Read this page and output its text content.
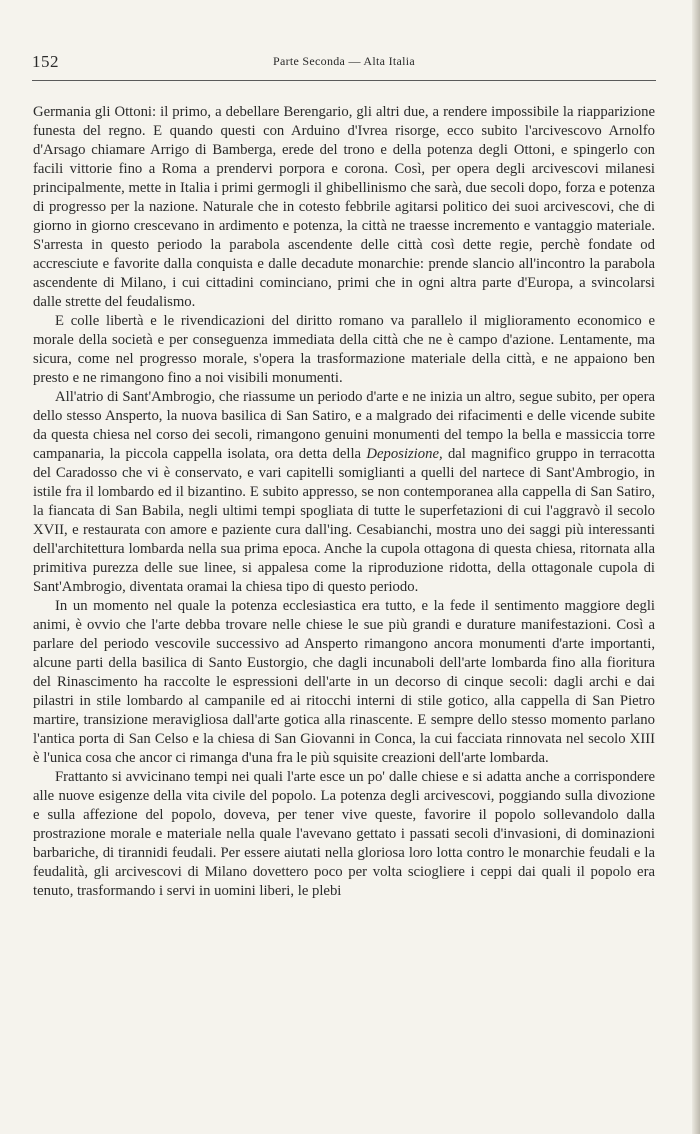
152	Parte Seconda — Alta Italia

Germania gli Ottoni: il primo, a debellare Berengario, gli altri due, a rendere impossibile la riapparizione funesta del regno. E quando questi con Arduino d'Ivrea risorge, ecco subito l'arcivescovo Arnolfo d'Arsago chiamare Arrigo di Bamberga, erede del trono e della potenza degli Ottoni, e spingerlo con facili vittorie fino a Roma a prendervi porpora e corona. Così, per opera degli arcivescovi milanesi principalmente, mette in Italia i primi germogli il ghibellinismo che sarà, due secoli dopo, forza e potenza di progresso per la nazione. Naturale che in cotesto febbrile agitarsi politico dei suoi arcivescovi, che di giorno in giorno crescevano in ardimento e potenza, la città ne traesse incremento e vantaggio materiale. S'arresta in questo periodo la parabola ascendente delle città così dette regie, perchè fondate od accresciute e favorite dalla conquista e dalle decadute monarchie: prende slancio all'incontro la parabola ascendente di Milano, i cui cittadini cominciano, primi che in ogni altra parte d'Europa, a svincolarsi dalle strette del feudalismo.

E colle libertà e le rivendicazioni del diritto romano va parallelo il miglioramento economico e morale della società e per conseguenza immediata della città che ne è campo d'azione. Lentamente, ma sicura, come nel progresso morale, s'opera la trasformazione materiale della città, e ne appaiono ben presto e ne rimangono fino a noi visibili monumenti.

All'atrio di Sant'Ambrogio, che riassume un periodo d'arte e ne inizia un altro, segue subito, per opera dello stesso Ansperto, la nuova basilica di San Satiro, e a malgrado dei rifacimenti e delle vicende subite da questa chiesa nel corso dei secoli, rimangono genuini monumenti del tempo la bella e massiccia torre campanaria, la piccola cappella isolata, ora detta della Deposizione, dal magnifico gruppo in terracotta del Caradosso che vi è conservato, e vari capitelli somiglianti a quelli del nartece di Sant'Ambrogio, in istile fra il lombardo ed il bizantino. E subito appresso, se non contemporanea alla cappella di San Satiro, la fiancata di San Babila, negli ultimi tempi spogliata di tutte le superfetazioni di cui l'aggravò il secolo XVII, e restaurata con amore e paziente cura dall'ing. Cesabianchi, mostra uno dei saggi più interessanti dell'architettura lombarda nella sua prima epoca. Anche la cupola ottagona di questa chiesa, ritornata alla primitiva purezza delle sue linee, si appalesa come la riproduzione ridotta, della ottagonale cupola di Sant'Ambrogio, diventata oramai la chiesa tipo di questo periodo.

In un momento nel quale la potenza ecclesiastica era tutto, e la fede il sentimento maggiore degli animi, è ovvio che l'arte debba trovare nelle chiese le sue più grandi e durature manifestazioni. Così a parlare del periodo vescovile successivo ad Ansperto rimangono ancora monumenti d'arte importanti, alcune parti della basilica di Santo Eustorgio, che dagli incunaboli dell'arte lombarda fino alla fioritura del Rinascimento ha raccolte le espressioni dell'arte in un decorso di cinque secoli: dagli archi e dai pilastri in stile lombardo al campanile ed ai ritocchi interni di stile gotico, alla cappella di San Pietro martire, transizione meravigliosa dall'arte gotica alla rinascente. E sempre dello stesso momento parlano l'antica porta di San Celso e la chiesa di San Giovanni in Conca, la cui facciata rinnovata nel secolo XIII è l'unica cosa che ancor ci rimanga d'una fra le più squisite creazioni dell'arte lombarda.

Frattanto si avvicinano tempi nei quali l'arte esce un po' dalle chiese e si adatta anche a corrispondere alle nuove esigenze della vita civile del popolo. La potenza degli arcivescovi, poggiando sulla divozione e sulla affezione del popolo, doveva, per tener vive queste, favorire il popolo sollevandolo dalla prostrazione morale e materiale nella quale l'avevano gettato i passati secoli d'invasioni, di dominazioni barbariche, di tirannidi feudali. Per essere aiutati nella gloriosa loro lotta contro le monarchie feudali e la feudalità, gli arcivescovi di Milano dovettero poco per volta sciogliere i ceppi dai quali il popolo era tenuto, trasformando i servi in uomini liberi, le plebi
